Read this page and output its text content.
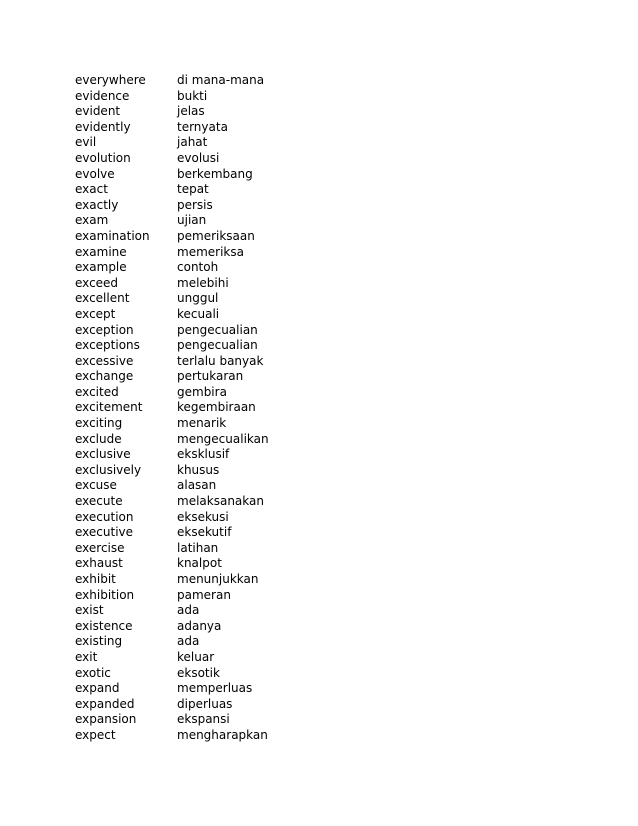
everywhere	di mana-mana
evidence	bukti
evident	jelas
evidently	ternyata
evil	jahat
evolution	evolusi
evolve	berkembang
exact	tepat
exactly	persis
exam	ujian
examination	pemeriksaan
examine	memeriksa
example	contoh
exceed	melebihi
excellent	unggul
except	kecuali
exception	pengecualian
exceptions	pengecualian
excessive	terlalu banyak
exchange	pertukaran
excited	gembira
excitement	kegembiraan
exciting	menarik
exclude	mengecualikan
exclusive	eksklusif
exclusively	khusus
excuse	alasan
execute	melaksanakan
execution	eksekusi
executive	eksekutif
exercise	latihan
exhaust	knalpot
exhibit	menunjukkan
exhibition	pameran
exist	ada
existence	adanya
existing	ada
exit	keluar
exotic	eksotik
expand	memperluas
expanded	diperluas
expansion	ekspansi
expect	mengharapkan
